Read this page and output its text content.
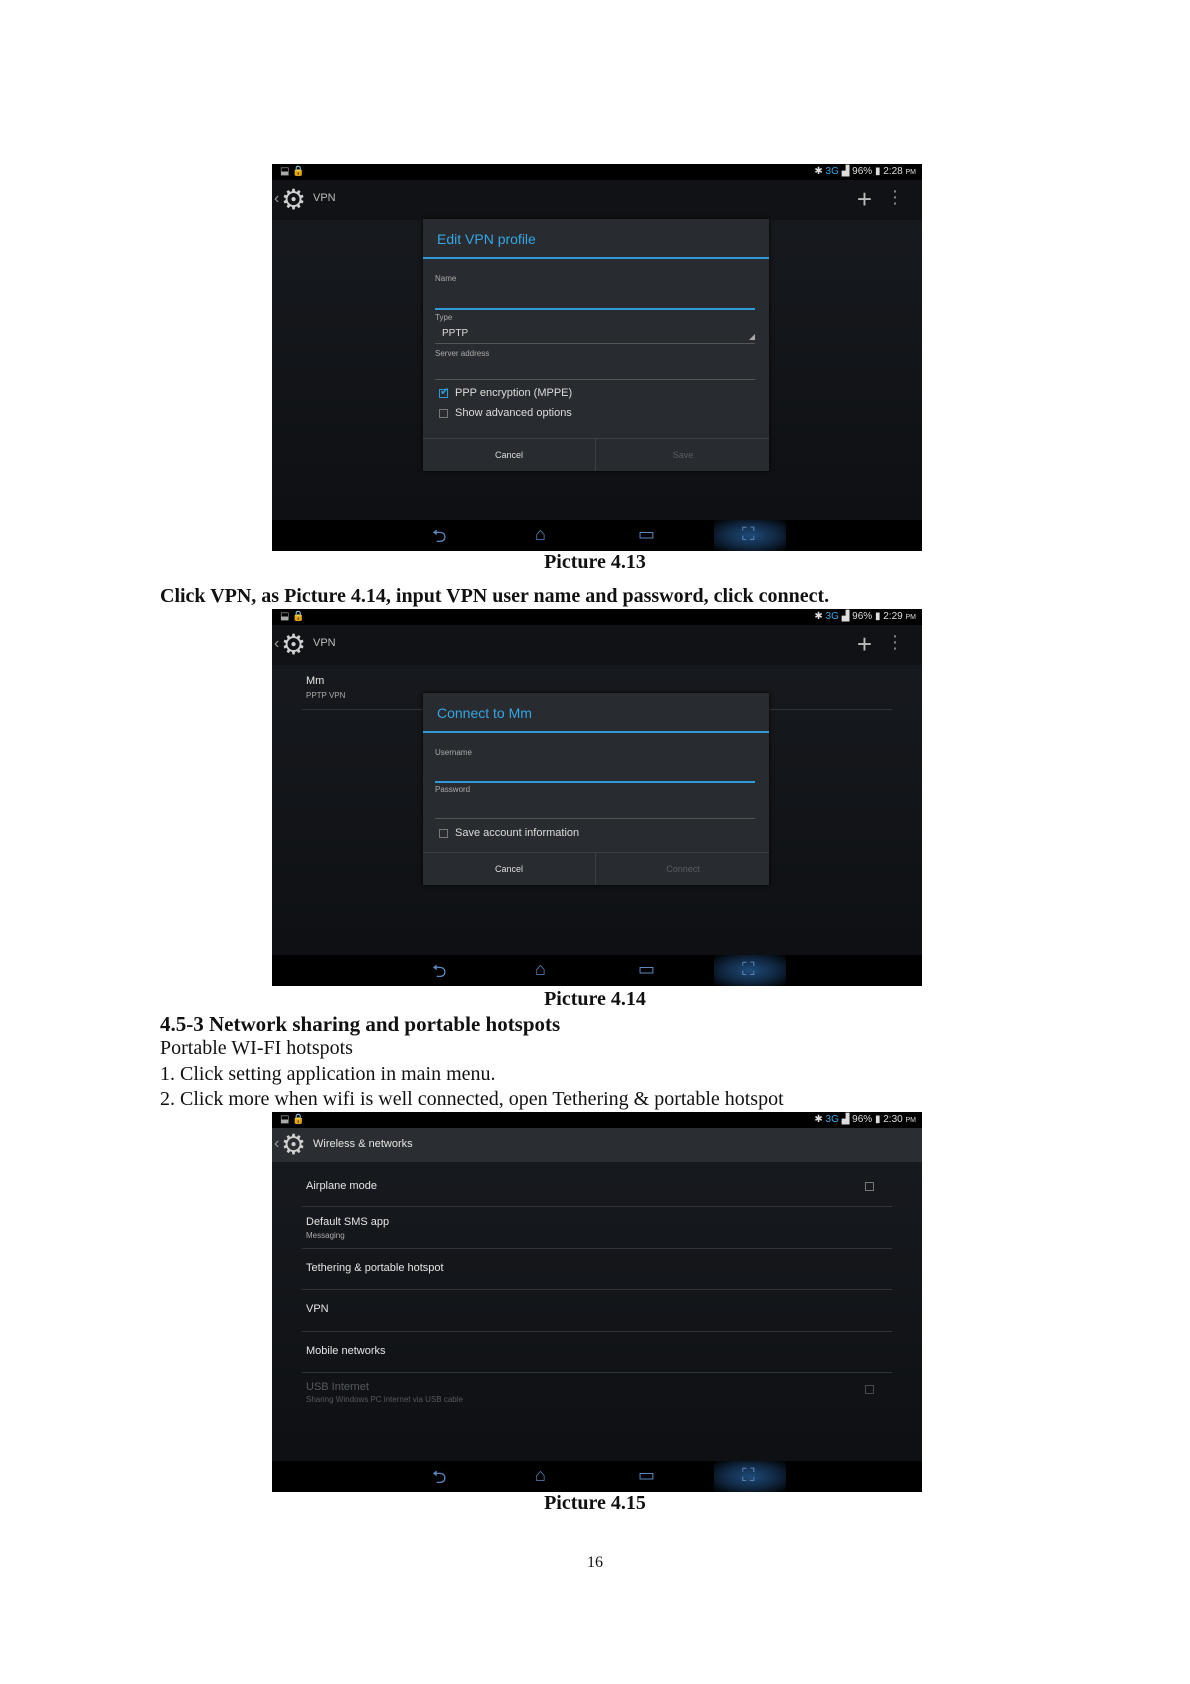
⬓ 🔒	✱ 3G ▟ 96% ▮ 2:28 PM
‹ ⚙ VPN	+ ⋮
Edit VPN profile
Name
Type
PPTP
Server address
✔
PPP encryption (MPPE)
Show advanced options
Cancel	Save
⮌	⌂	▭	⛶
Picture 4.13
Click VPN, as Picture 4.14, input VPN user name and password, click connect.
⬓ 🔒	✱ 3G ▟ 96% ▮ 2:29 PM
‹ ⚙ VPN	+ ⋮
Mm
PPTP VPN
Connect to Mm
Username
Password
Save account information
Cancel	Connect
⮌	⌂	▭	⛶
Picture 4.14
4.5-3 Network sharing and portable hotspots
Portable WI-FI hotspots
1. Click setting application in main menu.
2. Click more when wifi is well connected, open Tethering & portable hotspot
⬓ 🔒	✱ 3G ▟ 96% ▮ 2:30 PM
‹ ⚙ Wireless & networks
Airplane mode
Default SMS app
Messaging
Tethering & portable hotspot
VPN
Mobile networks
USB Internet
Sharing Windows PC internet via USB cable
⮌	⌂	▭	⛶
Picture 4.15
16
